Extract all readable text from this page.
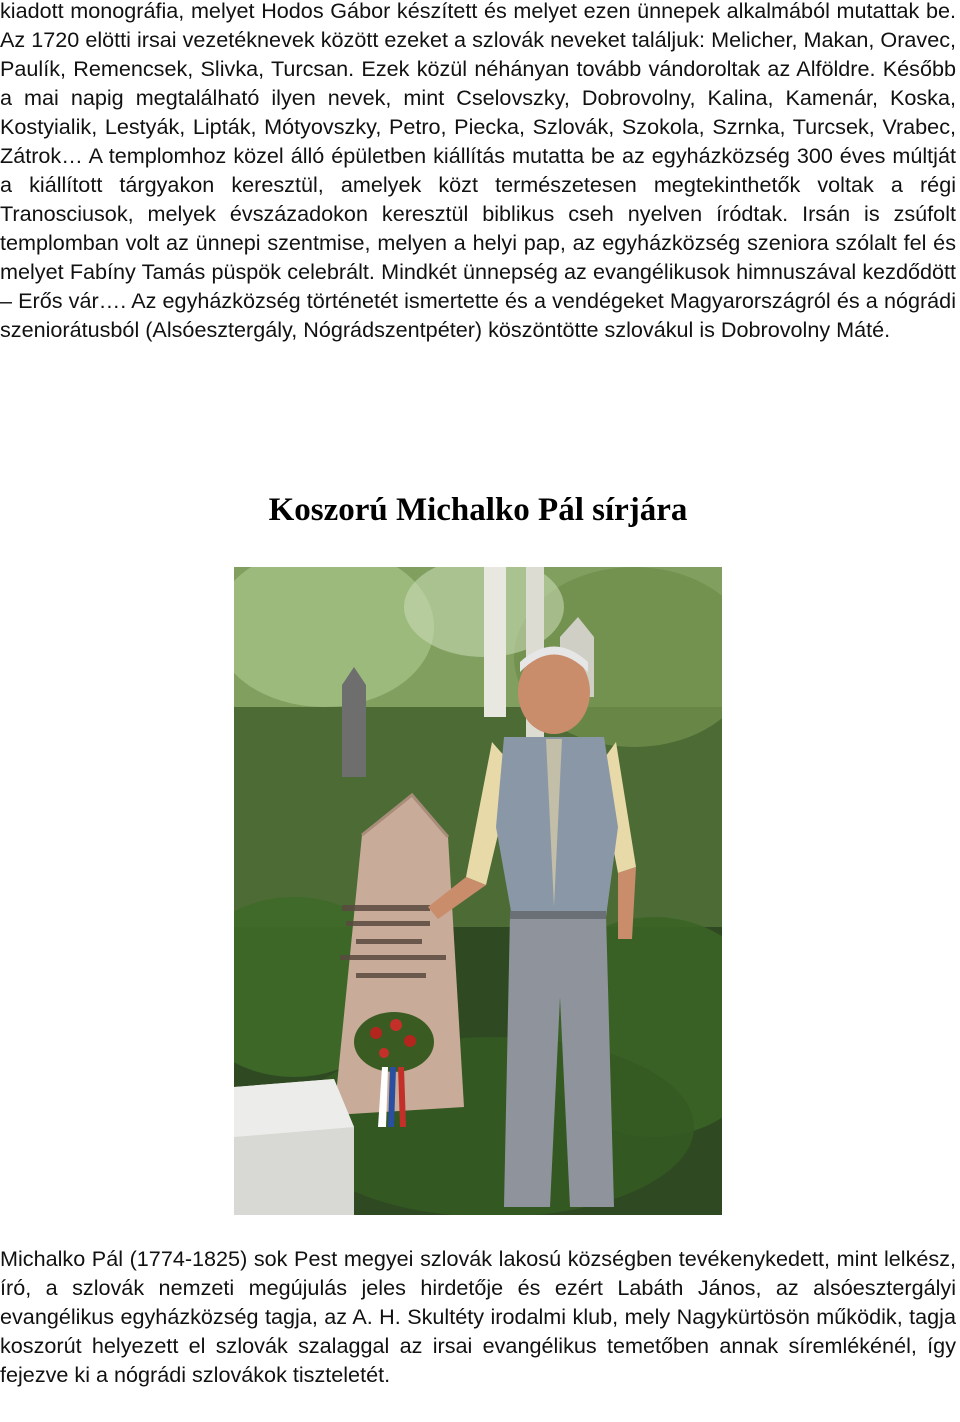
kiadott monográfia, melyet Hodos Gábor készített és melyet ezen ünnepek alkalmából mutattak be. Az 1720 elötti irsai vezetéknevek között ezeket a szlovák neveket találjuk: Melicher, Makan, Oravec, Paulík, Remencsek, Slivka, Turcsan. Ezek közül néhányan tovább vándoroltak az Alföldre. Később a mai napig megtalálható ilyen nevek, mint Cselovszky, Dobrovolny, Kalina, Kamenár, Koska, Kostyialik, Lestyák, Lipták, Mótyovszky, Petro, Piecka, Szlovák, Szokola, Szrnka, Turcsek, Vrabec, Zátrok… A templomhoz közel álló épületben kiállítás mutatta be az egyházközség 300 éves múltját a kiállított tárgyakon keresztül, amelyek közt természetesen megtekinthetők voltak a régi Tranosciusok, melyek évszázadokon keresztül biblikus cseh nyelven íródtak. Irsán is zsúfolt templomban volt az ünnepi szentmise, melyen a helyi pap, az egyházközség szeniora szólalt fel és melyet Fabíny Tamás püspök celebrált. Mindkét ünnepség az evangélikusok himnuszával kezdődött – Erős vár…. Az egyházközség történetét ismertette és a vendégeket Magyarországról és a nógrádi szeniorátusból (Alsóesztergály, Nógrádszentpéter) köszöntötte szlovákul is Dobrovolny Máté.

Koszorú Michalko Pál sírjára

Michalko Pál (1774-1825) sok Pest megyei szlovák lakosú községben tevékenykedett, mint lelkész, író, a szlovák nemzeti megújulás jeles hirdetője és ezért Labáth János, az alsóesztergályi evangélikus egyházközség tagja, az A. H. Skultéty irodalmi klub, mely Nagykürtösön működik, tagja koszorút helyezett el szlovák szalaggal az irsai evangélikus temetőben annak síremlékénél, így fejezve ki a nógrádi szlovákok tiszteletét.
